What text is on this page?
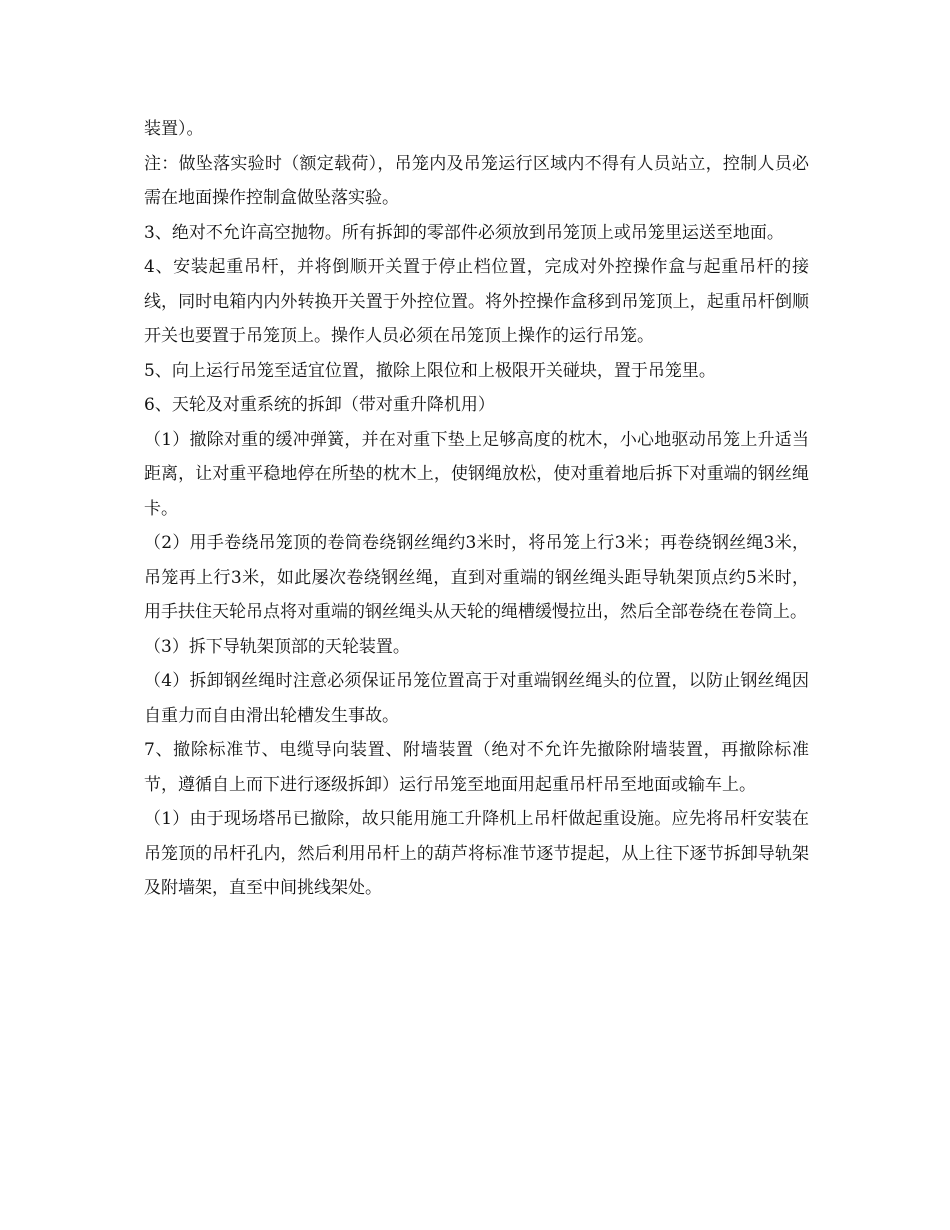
装置）。

注：做坠落实验时（额定载荷），吊笼内及吊笼运行区域内不得有人员站立，控制人员必需在地面操作控制盒做坠落实验。

3、绝对不允许高空抛物。所有拆卸的零部件必须放到吊笼顶上或吊笼里运送至地面。

4、安装起重吊杆，并将倒顺开关置于停止档位置，完成对外控操作盒与起重吊杆的接线，同时电箱内内外转换开关置于外控位置。将外控操作盒移到吊笼顶上，起重吊杆倒顺开关也要置于吊笼顶上。操作人员必须在吊笼顶上操作的运行吊笼。

5、向上运行吊笼至适宜位置，撤除上限位和上极限开关碰块，置于吊笼里。

6、天轮及对重系统的拆卸（带对重升降机用）

（1）撤除对重的缓冲弹簧，并在对重下垫上足够高度的枕木，小心地驱动吊笼上升适当距离，让对重平稳地停在所垫的枕木上，使钢绳放松，使对重着地后拆下对重端的钢丝绳卡。

（2）用手卷绕吊笼顶的卷筒卷绕钢丝绳约3米时，将吊笼上行3米；再卷绕钢丝绳3米，吊笼再上行3米，如此屡次卷绕钢丝绳，直到对重端的钢丝绳头距导轨架顶点约5米时，用手扶住天轮吊点将对重端的钢丝绳头从天轮的绳槽缓慢拉出，然后全部卷绕在卷筒上。

（3）拆下导轨架顶部的天轮装置。

（4）拆卸钢丝绳时注意必须保证吊笼位置高于对重端钢丝绳头的位置，以防止钢丝绳因自重力而自由滑出轮槽发生事故。

7、撤除标准节、电缆导向装置、附墙装置（绝对不允许先撤除附墙装置，再撤除标准节，遵循自上而下进行逐级拆卸）运行吊笼至地面用起重吊杆吊至地面或输车上。

（1）由于现场塔吊已撤除，故只能用施工升降机上吊杆做起重设施。应先将吊杆安装在吊笼顶的吊杆孔内，然后利用吊杆上的葫芦将标准节逐节提起，从上往下逐节拆卸导轨架及附墙架，直至中间挑线架处。
